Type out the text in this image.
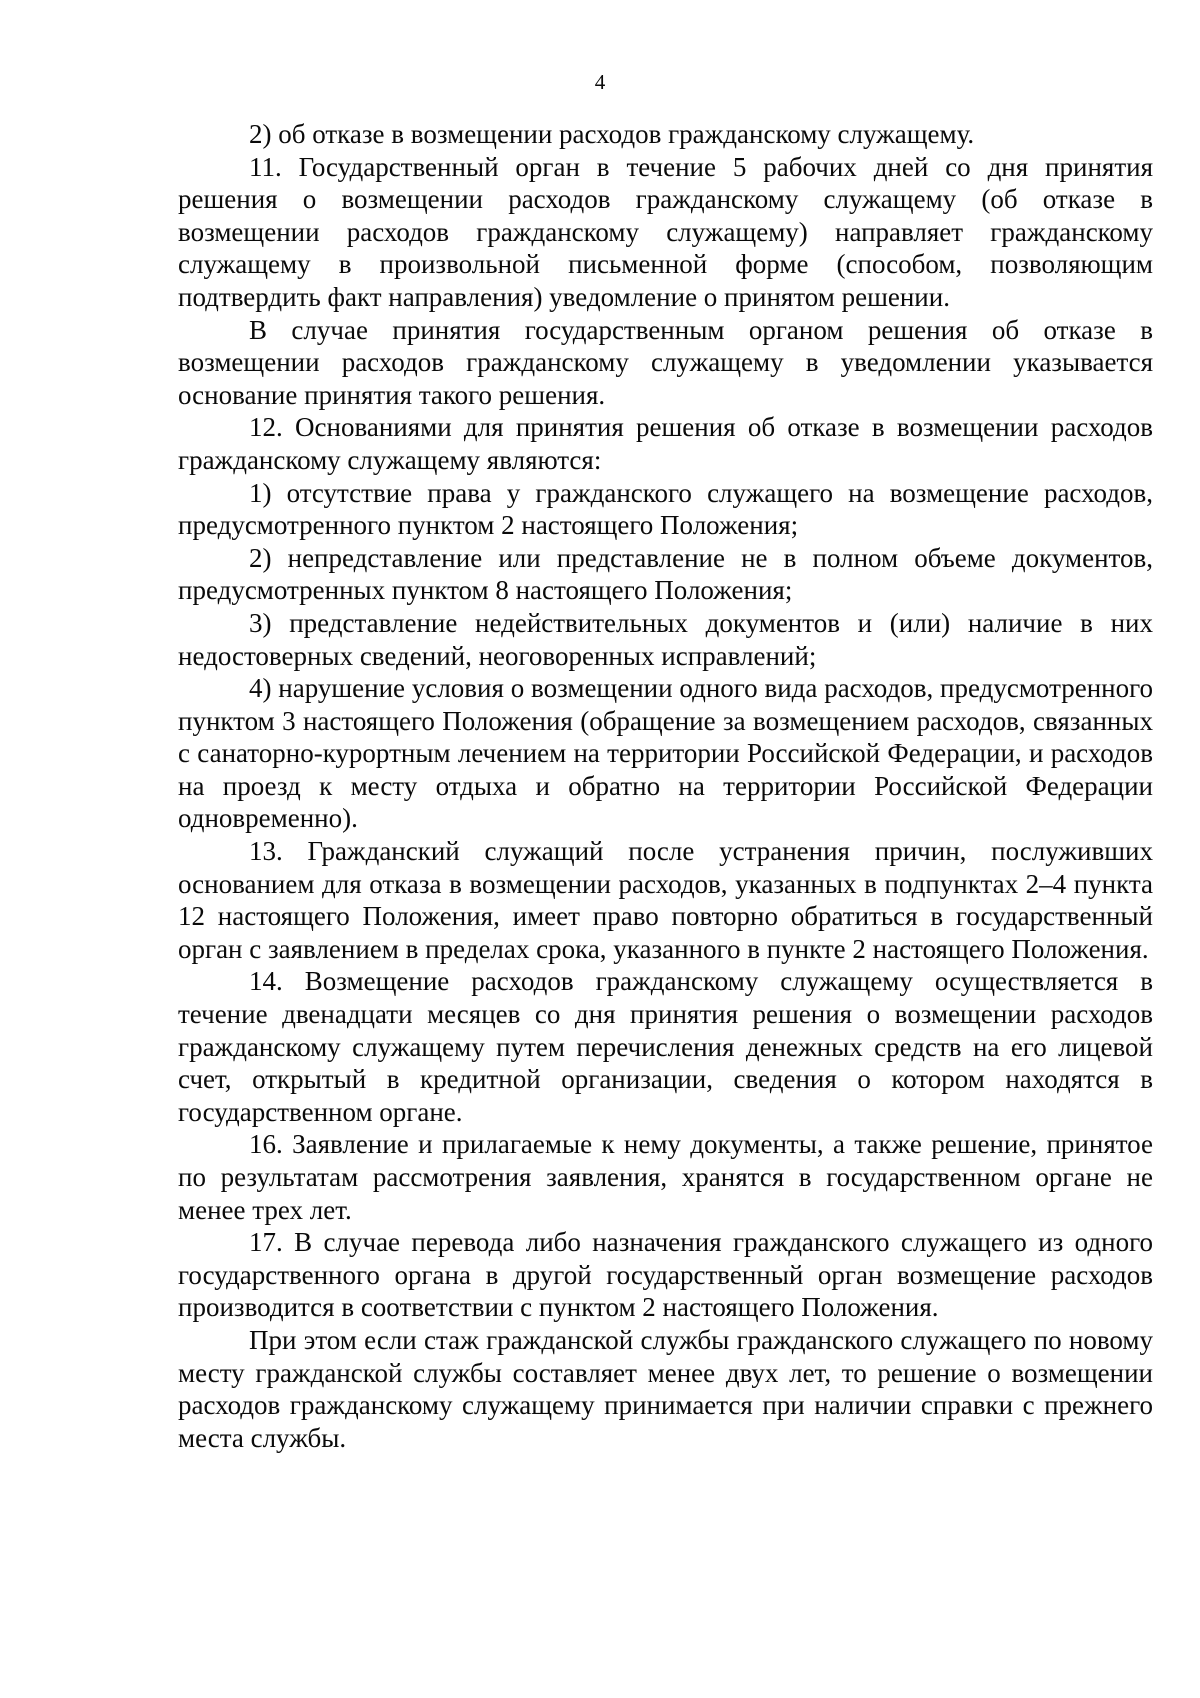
4

2) об отказе в возмещении расходов гражданскому служащему.

11. Государственный орган в течение 5 рабочих дней со дня принятия решения о возмещении расходов гражданскому служащему (об отказе в возмещении расходов гражданскому служащему) направляет гражданскому служащему в произвольной письменной форме (способом, позволяющим подтвердить факт направления) уведомление о принятом решении.

В случае принятия государственным органом решения об отказе в возмещении расходов гражданскому служащему в уведомлении указывается основание принятия такого решения.

12. Основаниями для принятия решения об отказе в возмещении расходов гражданскому служащему являются:

1) отсутствие права у гражданского служащего на возмещение расходов, предусмотренного пунктом 2 настоящего Положения;

2) непредставление или представление не в полном объеме документов, предусмотренных пунктом 8 настоящего Положения;

3) представление недействительных документов и (или) наличие в них недостоверных сведений, неоговоренных исправлений;

4) нарушение условия о возмещении одного вида расходов, предусмотренного пунктом 3 настоящего Положения (обращение за возмещением расходов, связанных с санаторно-курортным лечением на территории Российской Федерации, и расходов на проезд к месту отдыха и обратно на территории Российской Федерации одновременно).

13. Гражданский служащий после устранения причин, послуживших основанием для отказа в возмещении расходов, указанных в подпунктах 2–4 пункта 12 настоящего Положения, имеет право повторно обратиться в государственный орган с заявлением в пределах срока, указанного в пункте 2 настоящего Положения.

14. Возмещение расходов гражданскому служащему осуществляется в течение двенадцати месяцев со дня принятия решения о возмещении расходов гражданскому служащему путем перечисления денежных средств на его лицевой счет, открытый в кредитной организации, сведения о котором находятся в государственном органе.

16. Заявление и прилагаемые к нему документы, а также решение, принятое по результатам рассмотрения заявления, хранятся в государственном органе не менее трех лет.

17. В случае перевода либо назначения гражданского служащего из одного государственного органа в другой государственный орган возмещение расходов производится в соответствии с пунктом 2 настоящего Положения.

При этом если стаж гражданской службы гражданского служащего по новому месту гражданской службы составляет менее двух лет, то решение о возмещении расходов гражданскому служащему принимается при наличии справки с прежнего места службы.
